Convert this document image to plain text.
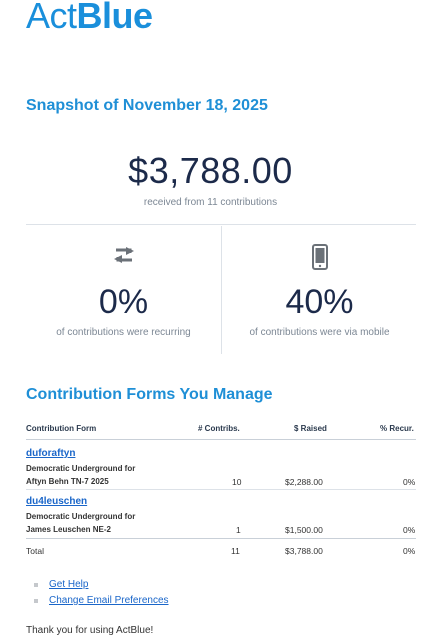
ActBlue
Snapshot of November 18, 2025
$3,788.00
received from 11 contributions
0%
of contributions were recurring
40%
of contributions were via mobile
Contribution Forms You Manage
Contribution Form	# Contribs.	$ Raised	% Recur.
duforaftyn
Democratic Underground for
Aftyn Behn TN-7 2025	10	$2,288.00	0%
du4leuschen
Democratic Underground for
James Leuschen NE-2	1	$1,500.00	0%
Total	11	$3,788.00	0%
Get Help
Change Email Preferences
Thank you for using ActBlue!
